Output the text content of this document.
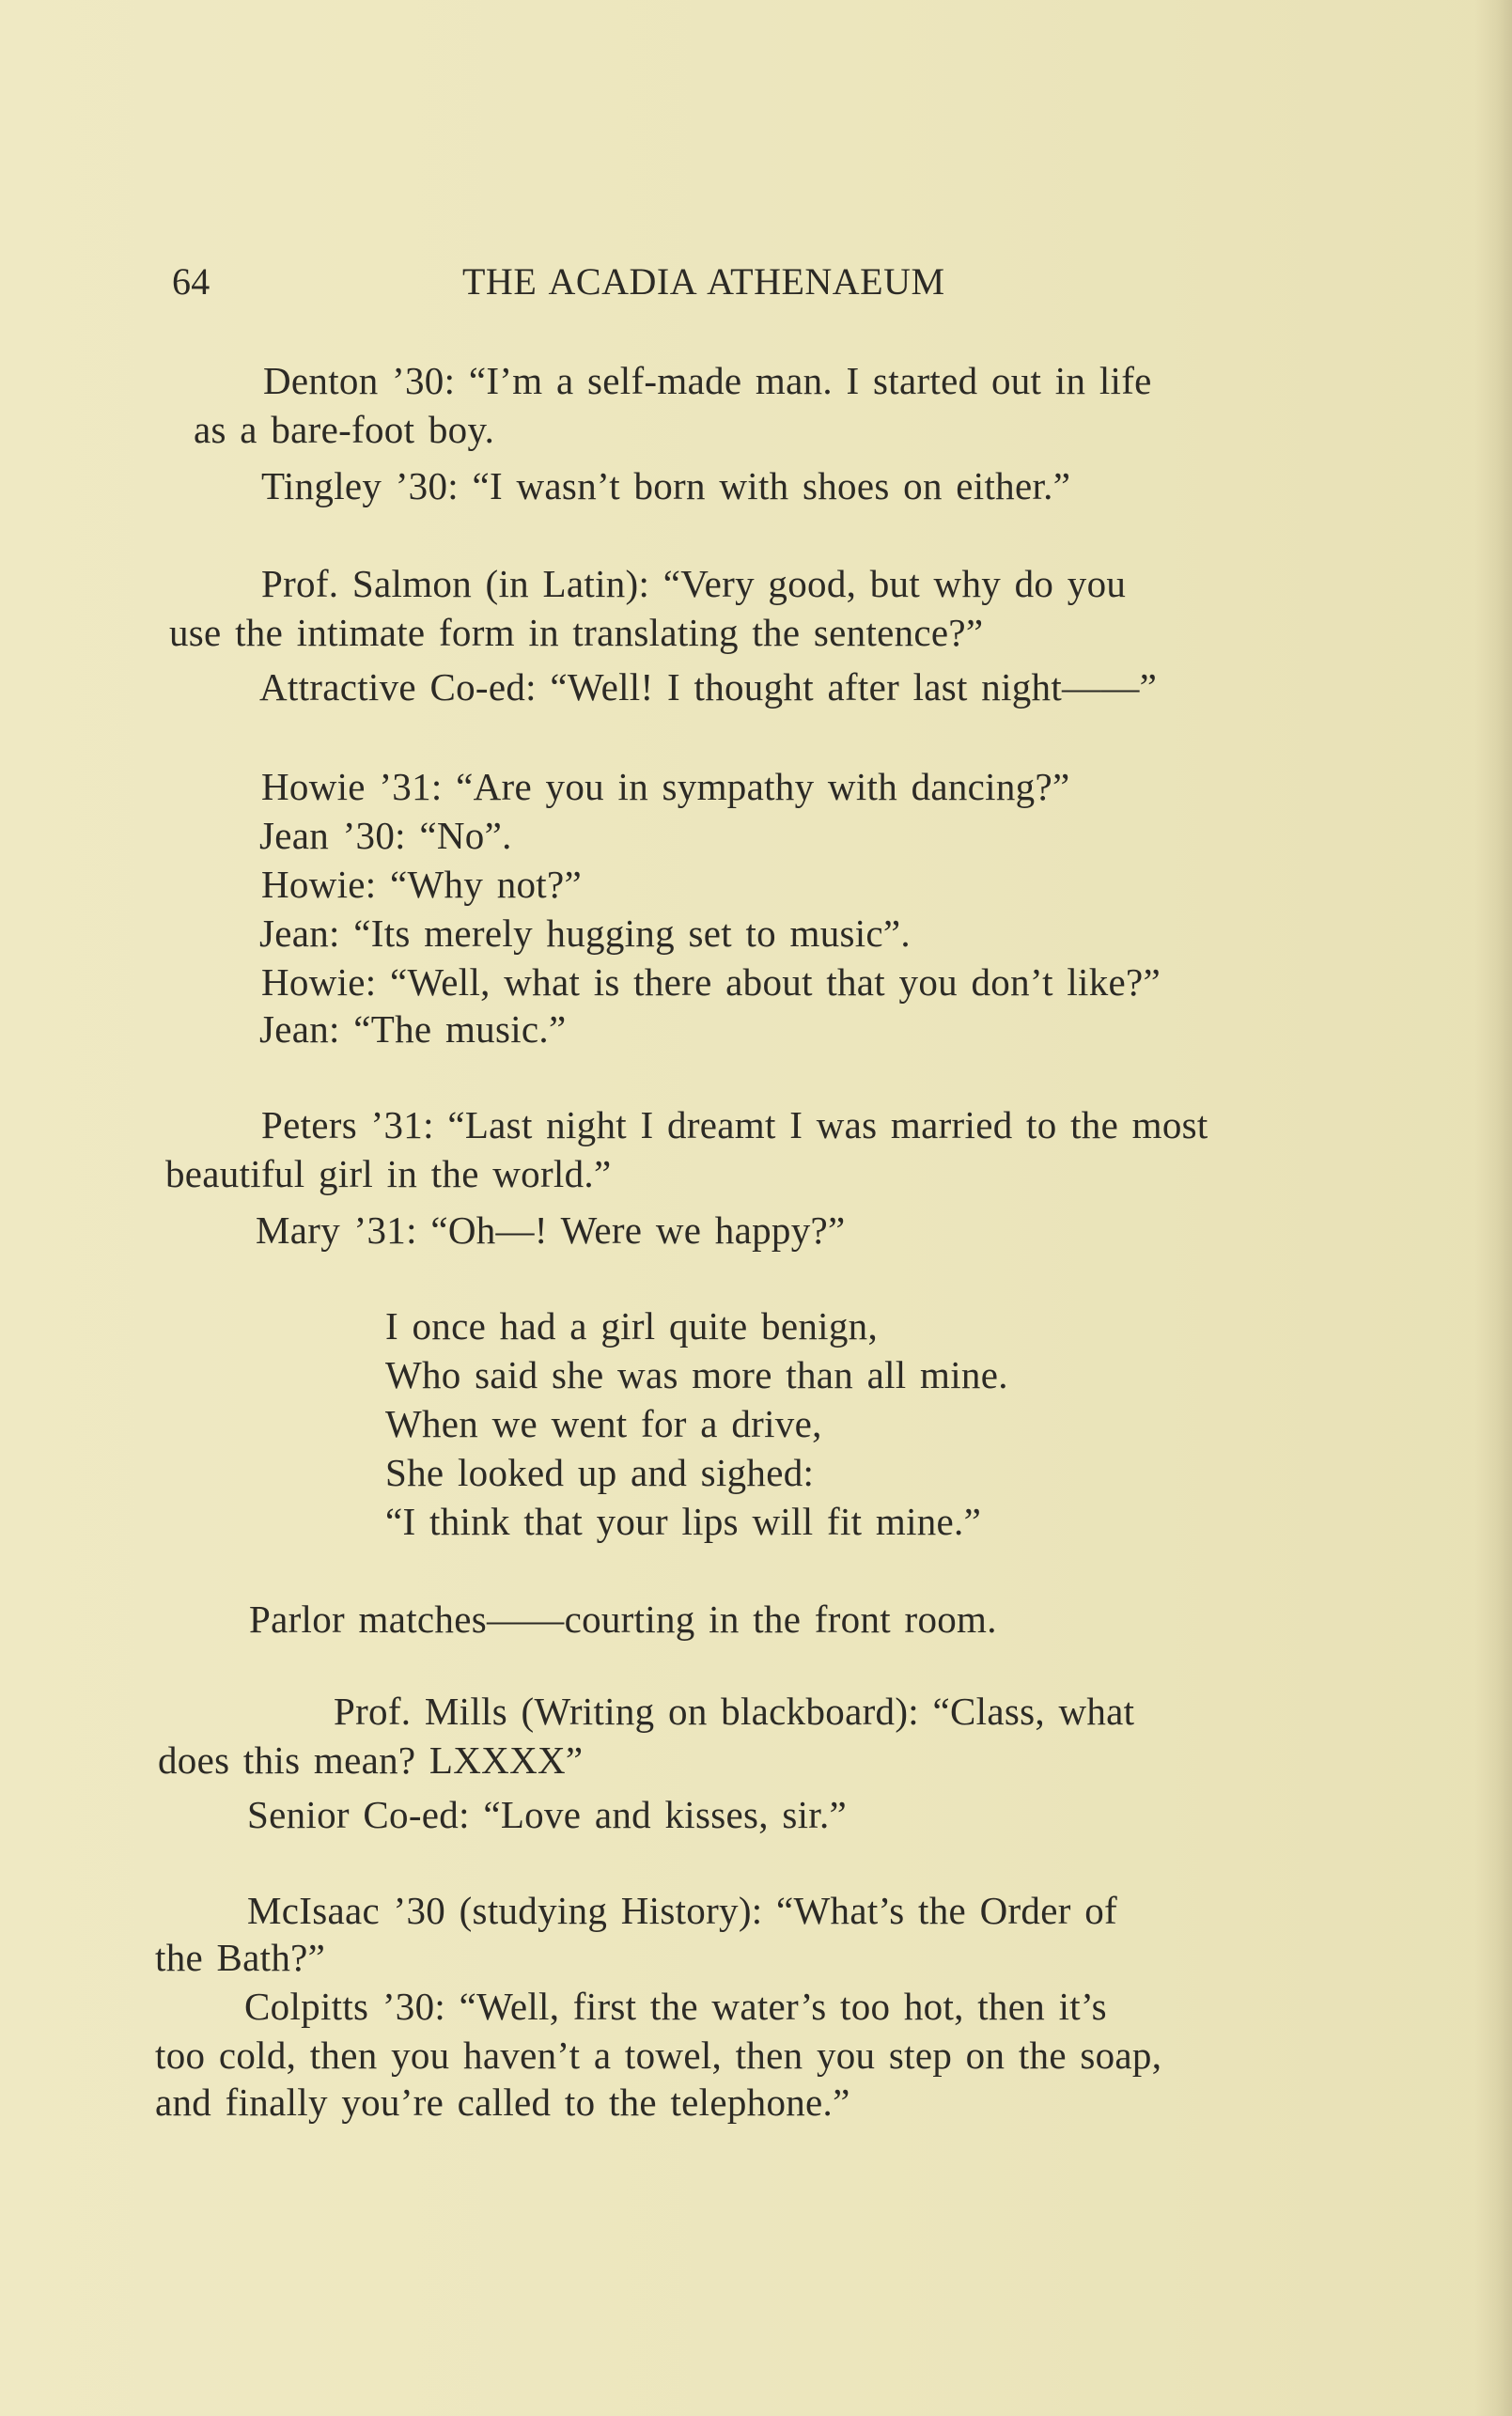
64	THE ACADIA ATHENAEUM
Denton ’30: “I’m a self-made man. I started out in life
as a bare-foot boy.
Tingley ’30: “I wasn’t born with shoes on either.”
Prof. Salmon (in Latin): “Very good, but why do you
use the intimate form in translating the sentence?”
Attractive Co-ed: “Well! I thought after last night——”
Howie ’31: “Are you in sympathy with dancing?”
Jean ’30: “No”.
Howie: “Why not?”
Jean: “Its merely hugging set to music”.
Howie: “Well, what is there about that you don’t like?”
Jean: “The music.”
Peters ’31: “Last night I dreamt I was married to the most
beautiful girl in the world.”
Mary ’31: “Oh—! Were we happy?”
I once had a girl quite benign,
Who said she was more than all mine.
When we went for a drive,
She looked up and sighed:
“I think that your lips will fit mine.”
Parlor matches——courting in the front room.
Prof. Mills (Writing on blackboard): “Class, what
does this mean? LXXXX”
Senior Co-ed: “Love and kisses, sir.”
McIsaac ’30 (studying History): “What’s the Order of
the Bath?”
Colpitts ’30: “Well, first the water’s too hot, then it’s
too cold, then you haven’t a towel, then you step on the soap,
and finally you’re called to the telephone.”
